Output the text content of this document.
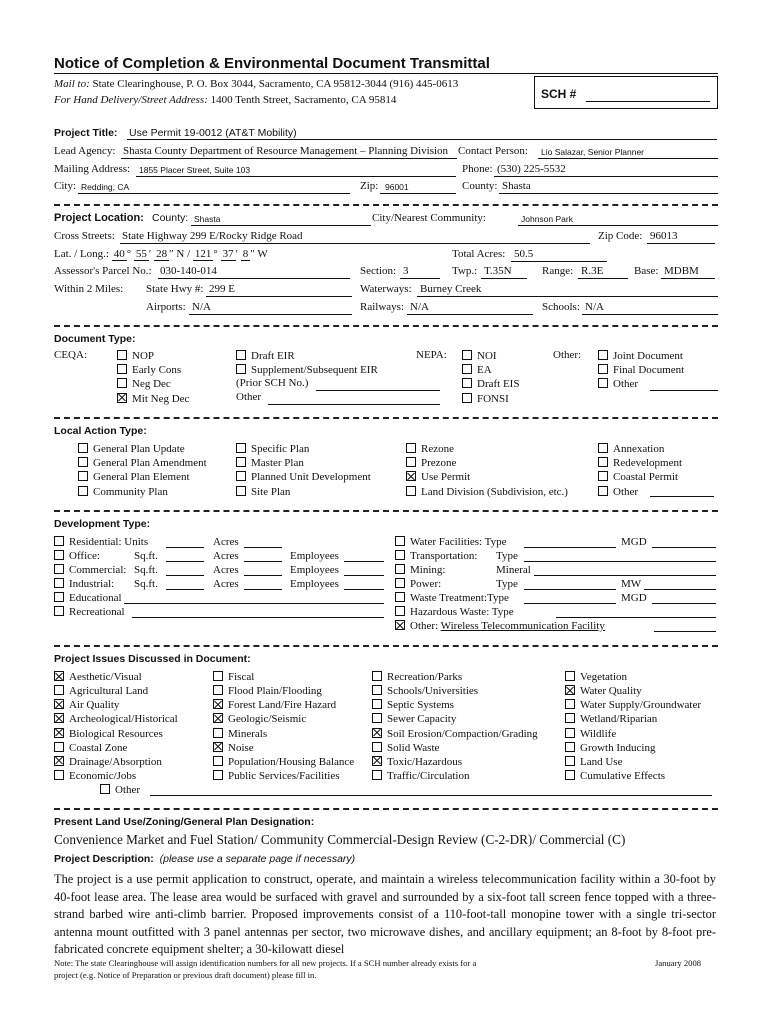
Notice of Completion & Environmental Document Transmittal
Mail to: State Clearinghouse, P. O. Box 3044, Sacramento, CA 95812-3044 (916) 445-0613
For Hand Delivery/Street Address: 1400 Tenth Street, Sacramento, CA 95814	SCH #
Project Title: Use Permit 19-0012 (AT&T Mobility)
Lead Agency: Shasta County Department of Resource Management – Planning Division Contact Person: Lio Salazar, Senior Planner
Mailing Address: 1855 Placer Street, Suite 103	Phone: (530) 225-5532
City: Redding, CA	Zip: 96001	County: Shasta
Project Location: County: Shasta	City/Nearest Community:	Johnson Park
Cross Streets: State Highway 299 E/Rocky Ridge Road	Zip Code: 96013
Lat. / Long.: 40 ° 55 ′ 28 ″ N / 121 ° 37 ′ 8 ″ W	Total Acres: 50.5
Assessor's Parcel No.: 030-140-014	Section: 3	Twp.: T.35N	Range: R.3E	Base: MDBM
Within 2 Miles: State Hwy #: 299 E	Waterways: Burney Creek
Airports: N/A	Railways: N/A	Schools: N/A
Document Type:
CEQA:	NOP
Early Cons
Neg Dec
Mit Neg Dec
Draft EIR
Supplement/Subsequent EIR
(Prior SCH No.)
Other
NEPA:	NOI
EA
Draft EIS
FONSI
Other:	Joint Document
Final Document
Other
Local Action Type:
General Plan Update
General Plan Amendment
General Plan Element
Community Plan
Specific Plan
Master Plan
Planned Unit Development
Site Plan
Rezone
Prezone
Use Permit
Land Division (Subdivision, etc.)
Annexation
Redevelopment
Coastal Permit
Other
Development Type:
Residential: Units	Acres
Office:	Sq.ft.	Acres	Employees
Commercial: Sq.ft.	Acres	Employees
Industrial: Sq.ft.	Acres	Employees
Educational
Recreational
Water Facilities: Type	MGD
Transportation: Type
Mining:	Mineral
Power:	Type	MW
Waste Treatment:Type	MGD
Hazardous Waste: Type
Other: Wireless Telecommunication Facility
Project Issues Discussed in Document:
Aesthetic/Visual
Agricultural Land
Air Quality
Archeological/Historical
Biological Resources
Coastal Zone
Drainage/Absorption
Economic/Jobs
Fiscal
Flood Plain/Flooding
Forest Land/Fire Hazard
Geologic/Seismic
Minerals
Noise
Population/Housing Balance
Public Services/Facilities
Recreation/Parks
Schools/Universities
Septic Systems
Sewer Capacity
Soil Erosion/Compaction/Grading
Solid Waste
Toxic/Hazardous
Traffic/Circulation
Vegetation
Water Quality
Water Supply/Groundwater
Wetland/Riparian
Wildlife
Growth Inducing
Land Use
Cumulative Effects
Other
Present Land Use/Zoning/General Plan Designation:
Convenience Market and Fuel Station/ Community Commercial-Design Review (C-2-DR)/ Commercial (C)
Project Description: (please use a separate page if necessary)
The project is a use permit application to construct, operate, and maintain a wireless telecommunication facility within a 30-foot by 40-foot lease area. The lease area would be surfaced with gravel and surrounded by a six-foot tall screen fence topped with a three-strand barbed wire anti-climb barrier. Proposed improvements consist of a 110-foot-tall monopine tower with a single tri-sector antenna mount outfitted with 3 panel antennas per sector, two microwave dishes, and ancillary equipment; an 8-foot by 8-foot pre-fabricated concrete equipment shelter; a 30-kilowatt diesel
Note: The state Clearinghouse will assign identification numbers for all new projects. If a SCH number already exists for a
project (e.g. Notice of Preparation or previous draft document) please fill in.
January 2008
